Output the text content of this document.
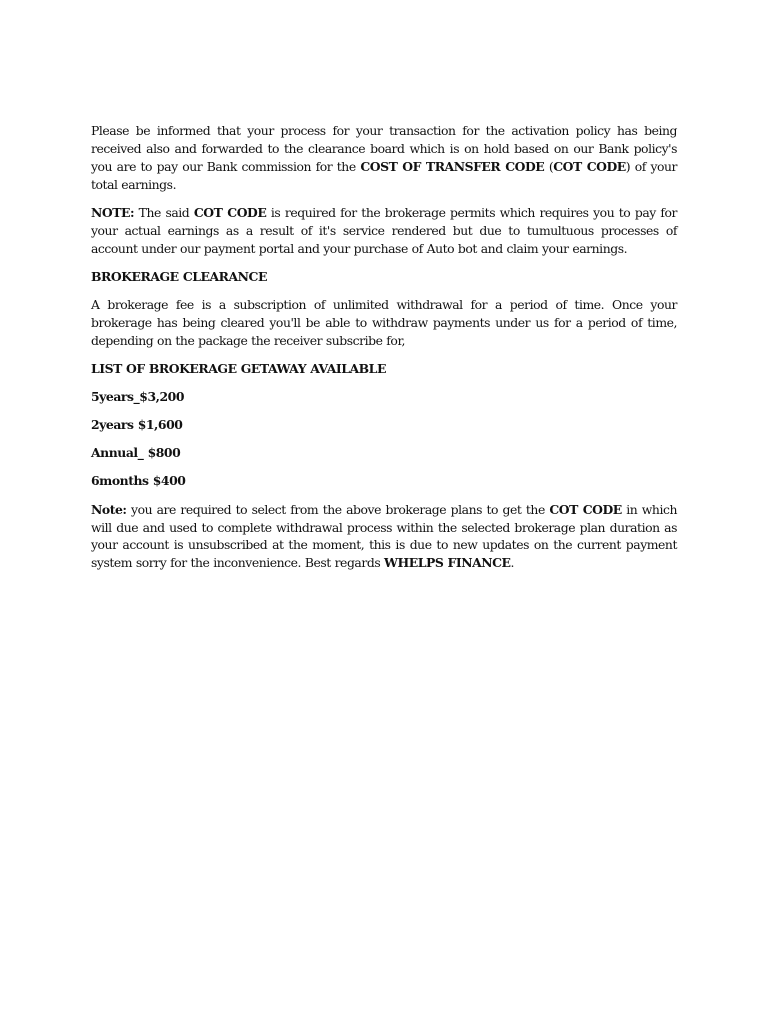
Please be informed that your process for your transaction for the activation policy has being received also and forwarded to the clearance board which is on hold based on our Bank policy's you are to pay our Bank commission for the COST OF TRANSFER CODE (COT CODE) of your total earnings.

NOTE: The said COT CODE is required for the brokerage permits which requires you to pay for your actual earnings as a result of it's service rendered but due to tumultuous processes of account under our payment portal and your purchase of Auto bot and claim your earnings.

BROKERAGE CLEARANCE

A brokerage fee is a subscription of unlimited withdrawal for a period of time. Once your brokerage has being cleared you'll be able to withdraw payments under us for a period of time, depending on the package the receiver subscribe for,

LIST OF BROKERAGE GETAWAY AVAILABLE
5years_$3,200
2years $1,600
Annual_ $800
6months $400

Note: you are required to select from the above brokerage plans to get the COT CODE in which will due and used to complete withdrawal process within the selected brokerage plan duration as your account is unsubscribed at the moment, this is due to new updates on the current payment system sorry for the inconvenience. Best regards WHELPS FINANCE.
